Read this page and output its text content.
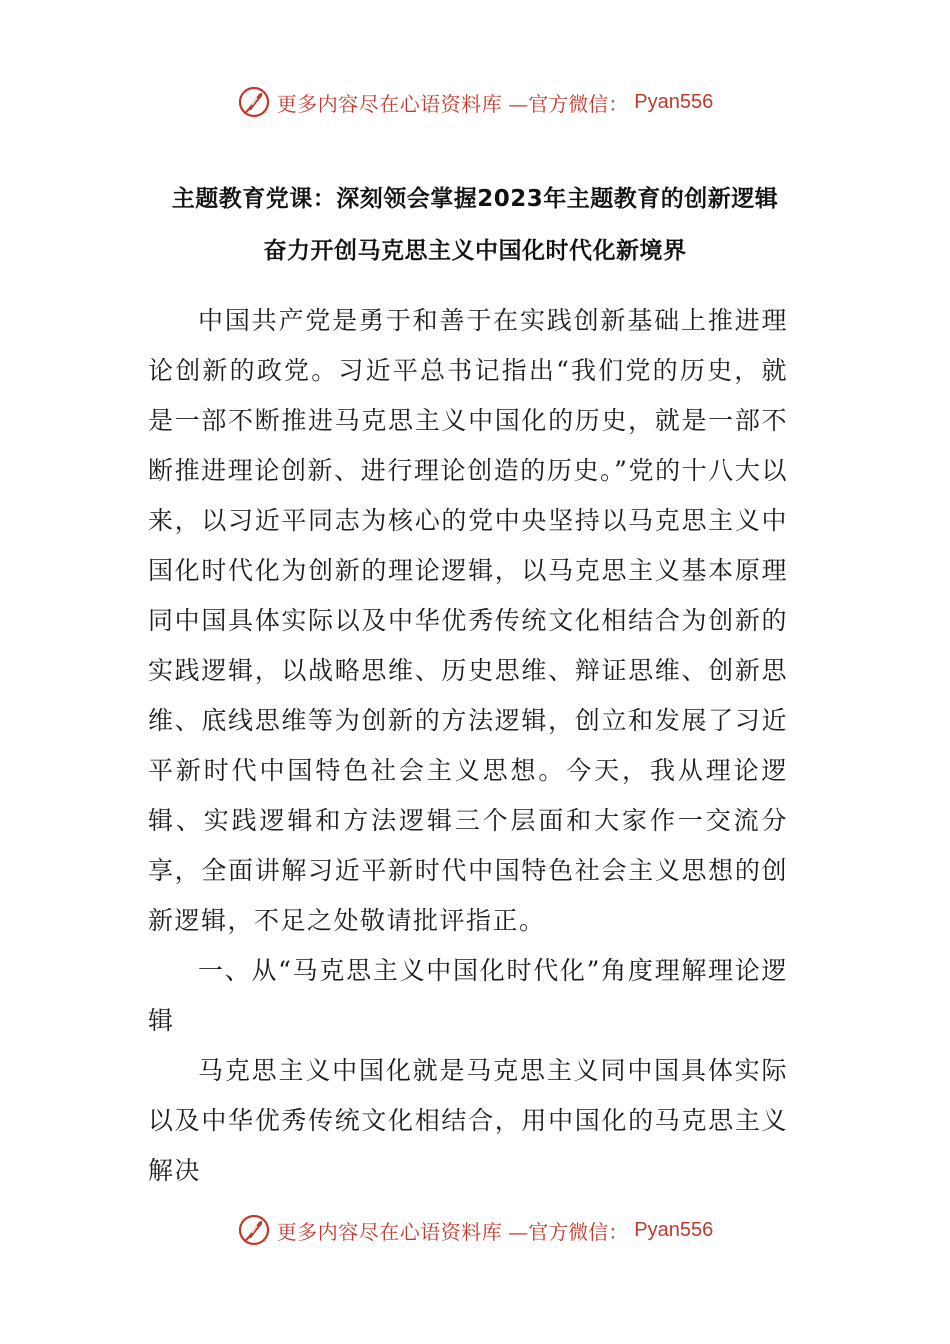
更多内容尽在心语资料库 —官方微信： Pyan556
主题教育党课：深刻领会掌握2023年主题教育的创新逻辑
奋力开创马克思主义中国化时代化新境界

中国共产党是勇于和善于在实践创新基础上推进理论创新的政党。习近平总书记指出“我们党的历史，就是一部不断推进马克思主义中国化的历史，就是一部不断推进理论创新、进行理论创造的历史。”党的十八大以来，以习近平同志为核心的党中央坚持以马克思主义中国化时代化为创新的理论逻辑，以马克思主义基本原理同中国具体实际以及中华优秀传统文化相结合为创新的实践逻辑，以战略思维、历史思维、辩证思维、创新思维、底线思维等为创新的方法逻辑，创立和发展了习近平新时代中国特色社会主义思想。今天，我从理论逻辑、实践逻辑和方法逻辑三个层面和大家作一交流分享，全面讲解习近平新时代中国特色社会主义思想的创新逻辑，不足之处敬请批评指正。

一、从“马克思主义中国化时代化”角度理解理论逻辑

马克思主义中国化就是马克思主义同中国具体实际以及中华优秀传统文化相结合，用中国化的马克思主义解决

更多内容尽在心语资料库 —官方微信： Pyan556
